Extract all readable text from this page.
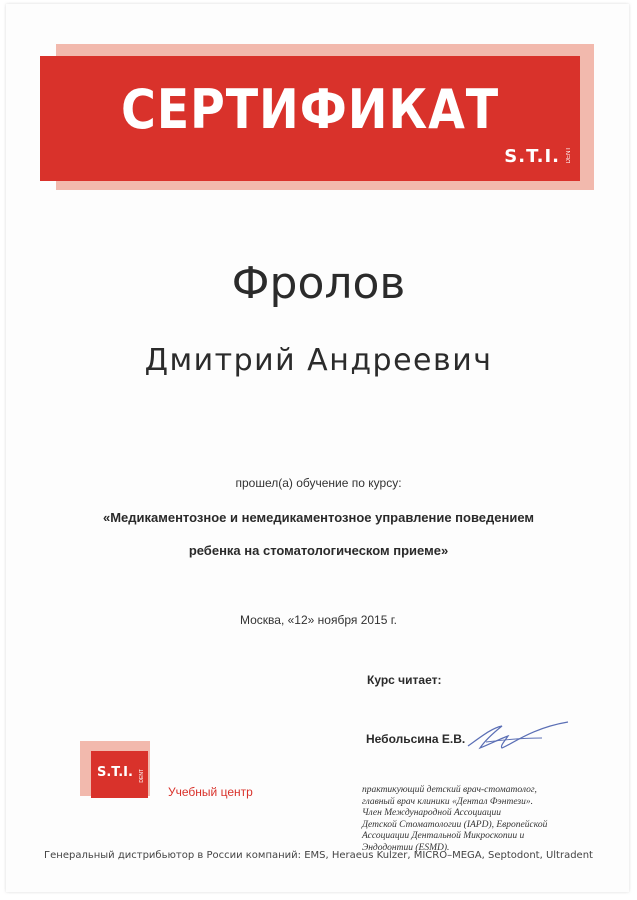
СЕРТИФИКАТ
S.T.I. DENT
Фролов
Дмитрий Андреевич
прошел(а) обучение по курсу:
«Медикаментозное и немедикаментозное управление поведением
ребенка на стоматологическом приеме»
Москва, «12» ноября 2015 г.
Курс читает:
Небольсина Е.В.
S.T.I. DENT
Учебный центр	практикующий детский врач-стоматолог,
главный врач клиники «Дентал Фэнтези».
Член Международной Ассоциации
Детской Стоматологии (IAPD), Европейской
Ассоциации Дентальной Микроскопии и
Эндодонтии (ESMD).
Генеральный дистрибьютор в России компаний: EMS, Heraeus Kulzer, MICRO–MEGA, Septodont, Ultradent
